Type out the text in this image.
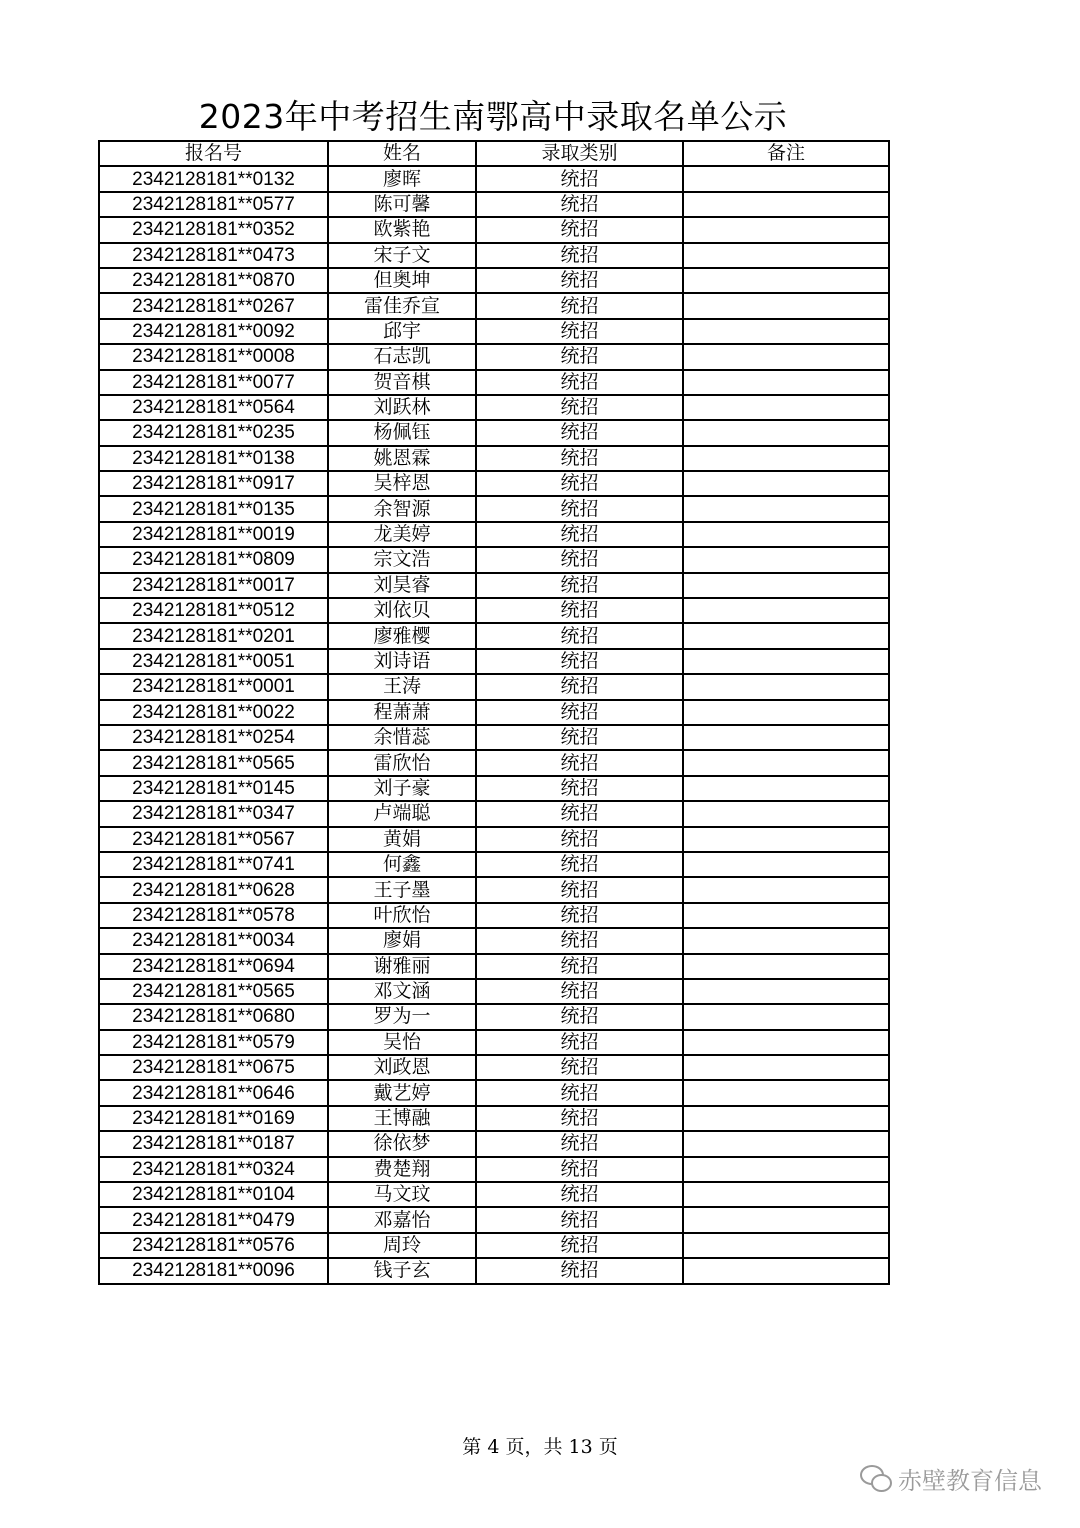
2023年中考招生南鄂高中录取名单公示
报名号	姓名	录取类别	备注
2342128181**0132	廖晖	统招	
2342128181**0577	陈可馨	统招	
2342128181**0352	欧紫艳	统招	
2342128181**0473	宋子文	统招	
2342128181**0870	但奥坤	统招	
2342128181**0267	雷佳乔宣	统招	
2342128181**0092	邱宇	统招	
2342128181**0008	石志凯	统招	
2342128181**0077	贺音棋	统招	
2342128181**0564	刘跃林	统招	
2342128181**0235	杨佩钰	统招	
2342128181**0138	姚恩霖	统招	
2342128181**0917	吴梓恩	统招	
2342128181**0135	余智源	统招	
2342128181**0019	龙美婷	统招	
2342128181**0809	宗文浩	统招	
2342128181**0017	刘昊睿	统招	
2342128181**0512	刘依贝	统招	
2342128181**0201	廖雅樱	统招	
2342128181**0051	刘诗语	统招	
2342128181**0001	王涛	统招	
2342128181**0022	程萧萧	统招	
2342128181**0254	余惜蕊	统招	
2342128181**0565	雷欣怡	统招	
2342128181**0145	刘子豪	统招	
2342128181**0347	卢端聪	统招	
2342128181**0567	黄娟	统招	
2342128181**0741	何鑫	统招	
2342128181**0628	王子墨	统招	
2342128181**0578	叶欣怡	统招	
2342128181**0034	廖娟	统招	
2342128181**0694	谢雅丽	统招	
2342128181**0565	邓文涵	统招	
2342128181**0680	罗为一	统招	
2342128181**0579	吴怡	统招	
2342128181**0675	刘政恩	统招	
2342128181**0646	戴艺婷	统招	
2342128181**0169	王博融	统招	
2342128181**0187	徐依梦	统招	
2342128181**0324	费楚翔	统招	
2342128181**0104	马文玟	统招	
2342128181**0479	邓嘉怡	统招	
2342128181**0576	周玲	统招	
2342128181**0096	钱子玄	统招	
第 4 页，共 13 页
赤壁教育信息
